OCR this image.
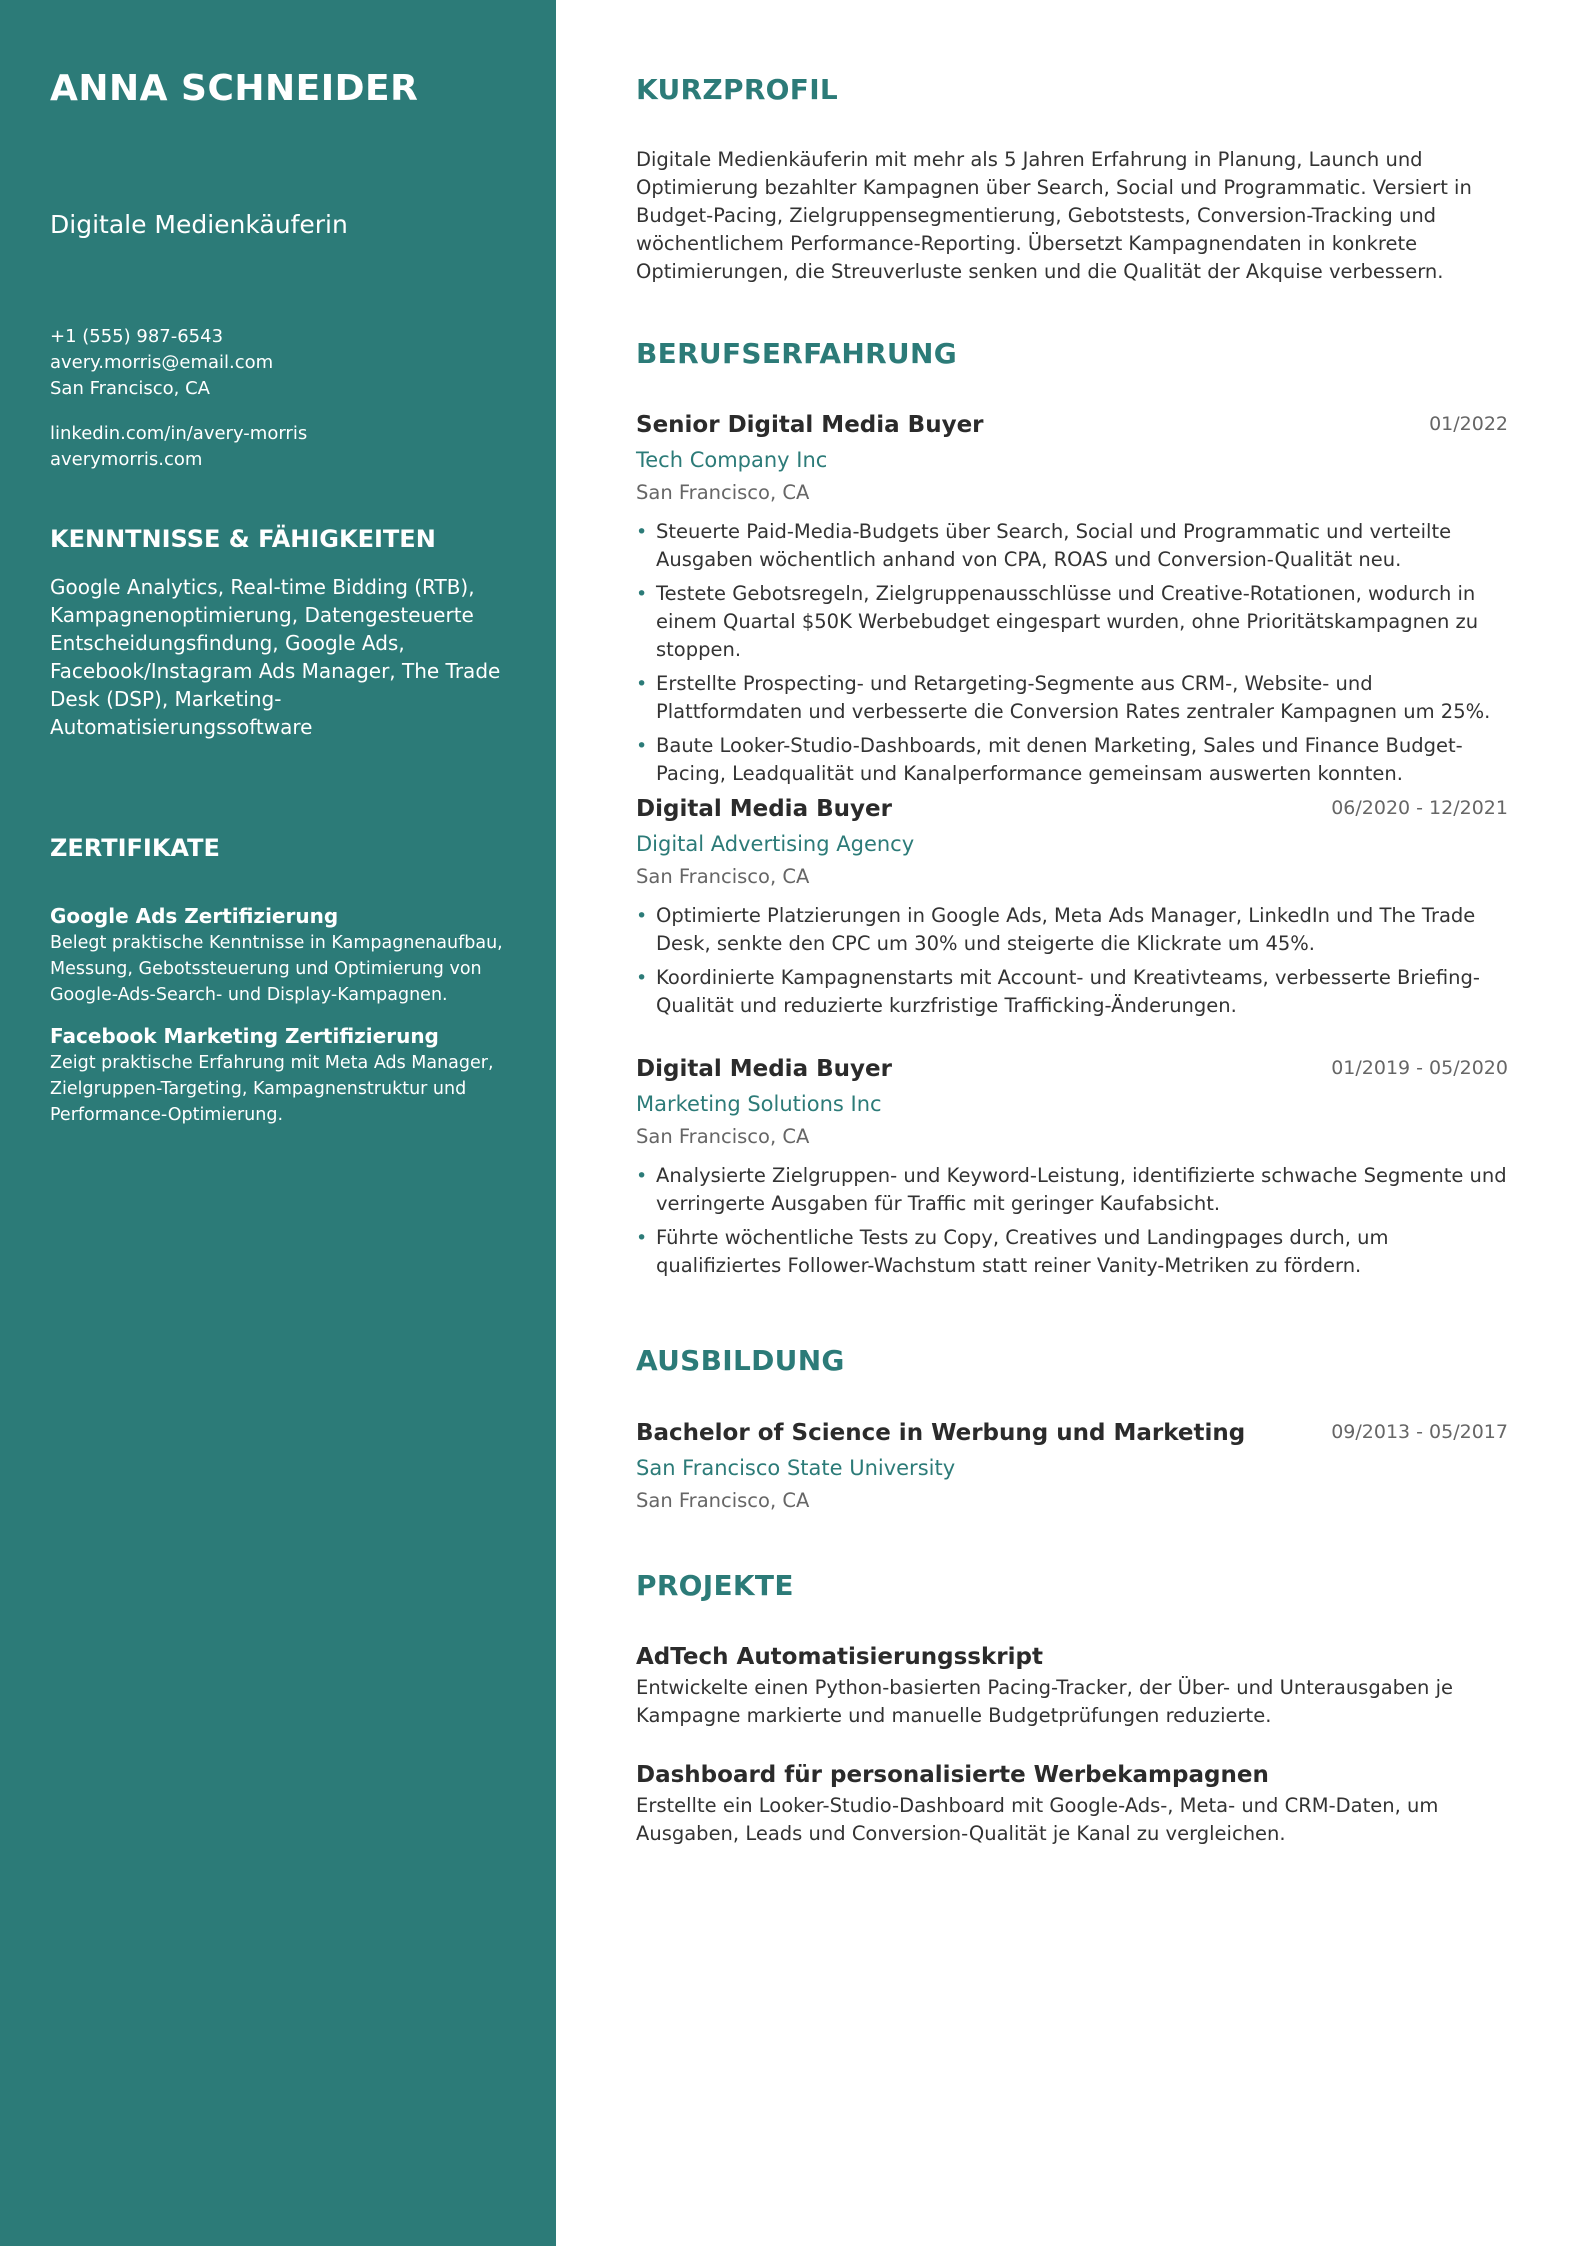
ANNA SCHNEIDER
Digitale Medienkäuferin
+1 (555) 987-6543
avery.morris@email.com
San Francisco, CA
linkedin.com/in/avery-morris
averymorris.com
KENNTNISSE & FÄHIGKEITEN
Google Analytics, Real-time Bidding (RTB), Kampagnenoptimierung, Datengesteuerte Entscheidungsfindung, Google Ads, Facebook/Instagram Ads Manager, The Trade Desk (DSP), Marketing-Automatisierungssoftware
ZERTIFIKATE
Google Ads Zertifizierung
Belegt praktische Kenntnisse in Kampagnenaufbau, Messung, Gebotssteuerung und Optimierung von Google-Ads-Search- und Display-Kampagnen.
Facebook Marketing Zertifizierung
Zeigt praktische Erfahrung mit Meta Ads Manager, Zielgruppen-Targeting, Kampagnenstruktur und Performance-Optimierung.
KURZPROFIL
Digitale Medienkäuferin mit mehr als 5 Jahren Erfahrung in Planung, Launch und Optimierung bezahlter Kampagnen über Search, Social und Programmatic. Versiert in Budget-Pacing, Zielgruppensegmentierung, Gebotstests, Conversion-Tracking und wöchentlichem Performance-Reporting. Übersetzt Kampagnendaten in konkrete Optimierungen, die Streuverluste senken und die Qualität der Akquise verbessern.
BERUFSERFAHRUNG
Senior Digital Media Buyer	01/2022
Tech Company Inc
San Francisco, CA
• Steuerte Paid-Media-Budgets über Search, Social und Programmatic und verteilte Ausgaben wöchentlich anhand von CPA, ROAS und Conversion-Qualität neu.
• Testete Gebotsregeln, Zielgruppenausschlüsse und Creative-Rotationen, wodurch in einem Quartal $50K Werbebudget eingespart wurden, ohne Prioritätskampagnen zu stoppen.
• Erstellte Prospecting- und Retargeting-Segmente aus CRM-, Website- und Plattformdaten und verbesserte die Conversion Rates zentraler Kampagnen um 25%.
• Baute Looker-Studio-Dashboards, mit denen Marketing, Sales und Finance Budget-Pacing, Leadqualität und Kanalperformance gemeinsam auswerten konnten.
Digital Media Buyer	06/2020 - 12/2021
Digital Advertising Agency
San Francisco, CA
• Optimierte Platzierungen in Google Ads, Meta Ads Manager, LinkedIn und The Trade Desk, senkte den CPC um 30% und steigerte die Klickrate um 45%.
• Koordinierte Kampagnenstarts mit Account- und Kreativteams, verbesserte Briefing-Qualität und reduzierte kurzfristige Trafficking-Änderungen.
Digital Media Buyer	01/2019 - 05/2020
Marketing Solutions Inc
San Francisco, CA
• Analysierte Zielgruppen- und Keyword-Leistung, identifizierte schwache Segmente und verringerte Ausgaben für Traffic mit geringer Kaufabsicht.
• Führte wöchentliche Tests zu Copy, Creatives und Landingpages durch, um qualifiziertes Follower-Wachstum statt reiner Vanity-Metriken zu fördern.
AUSBILDUNG
Bachelor of Science in Werbung und Marketing	09/2013 - 05/2017
San Francisco State University
San Francisco, CA
PROJEKTE
AdTech Automatisierungsskript
Entwickelte einen Python-basierten Pacing-Tracker, der Über- und Unterausgaben je Kampagne markierte und manuelle Budgetprüfungen reduzierte.
Dashboard für personalisierte Werbekampagnen
Erstellte ein Looker-Studio-Dashboard mit Google-Ads-, Meta- und CRM-Daten, um Ausgaben, Leads und Conversion-Qualität je Kanal zu vergleichen.
